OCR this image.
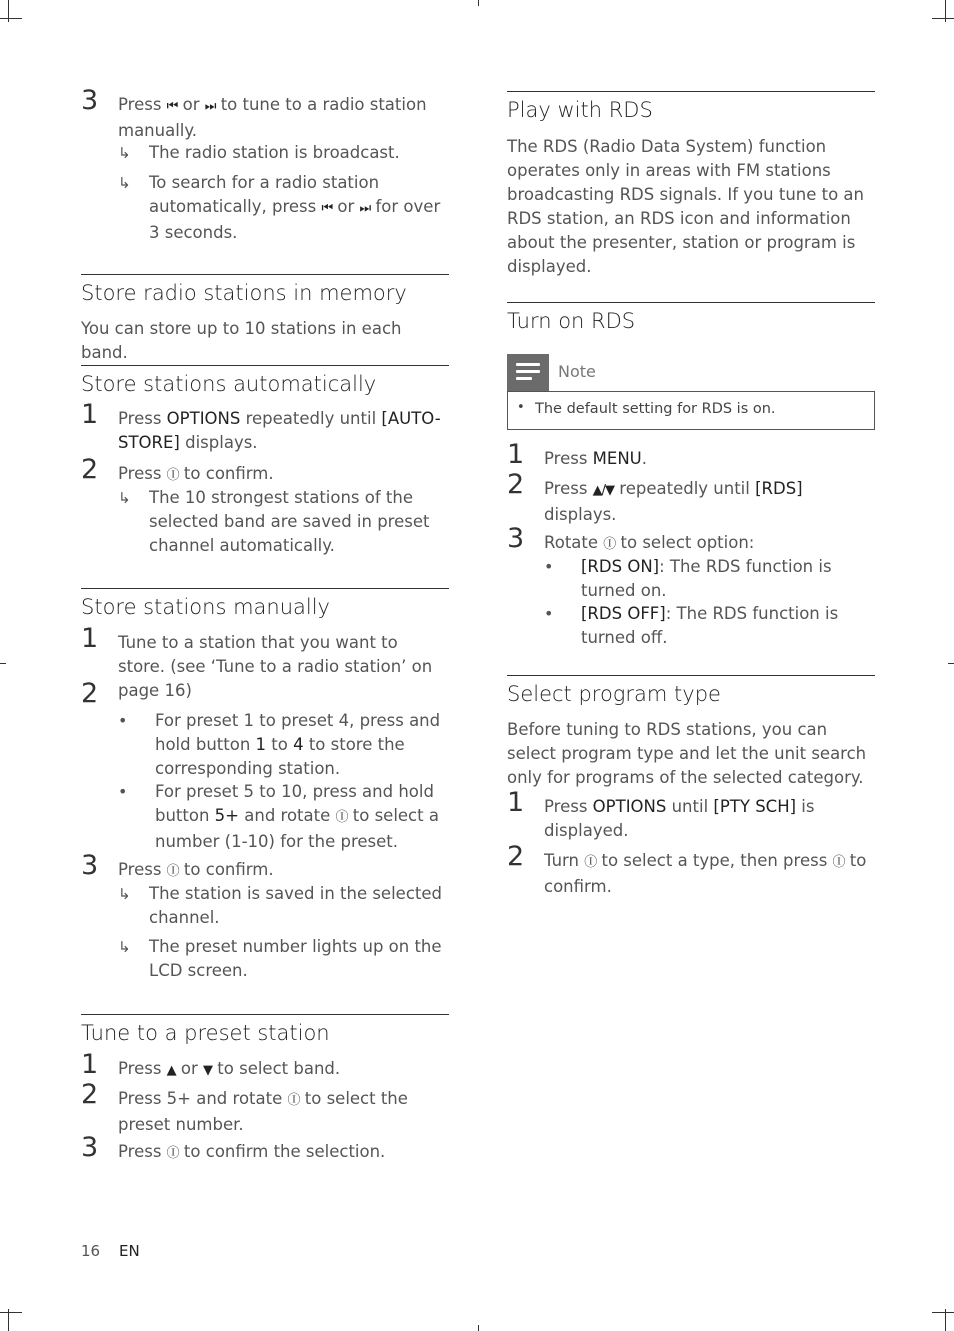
3 Press ⏮ or ⏭ to tune to a radio station manually.
↳ The radio station is broadcast.
↳ To search for a radio station automatically, press ⏮ or ⏭ for over 3 seconds.
Store radio stations in memory
You can store up to 10 stations in each band.
Store stations automatically
1 Press OPTIONS repeatedly until [AUTO-STORE] displays.
2 Press Ⓘ to confirm.
↳ The 10 strongest stations of the selected band are saved in preset channel automatically.
Store stations manually
1 Tune to a station that you want to store. (see ‘Tune to a radio station’ on page 16)
2
• For preset 1 to preset 4, press and hold button 1 to 4 to store the corresponding station.
• For preset 5 to 10, press and hold button 5+ and rotate Ⓘ to select a number (1-10) for the preset.
3 Press Ⓘ to confirm.
↳ The station is saved in the selected channel.
↳ The preset number lights up on the LCD screen.
Tune to a preset station
1 Press ▲ or ▼ to select band.
2 Press 5+ and rotate Ⓘ to select the preset number.
3 Press Ⓘ to confirm the selection.
Play with RDS
The RDS (Radio Data System) function operates only in areas with FM stations broadcasting RDS signals. If you tune to an RDS station, an RDS icon and information about the presenter, station or program is displayed.
Turn on RDS
Note
• The default setting for RDS is on.
1 Press MENU.
2 Press ▲/▼ repeatedly until [RDS] displays.
3 Rotate Ⓘ to select option:
• [RDS ON]: The RDS function is turned on.
• [RDS OFF]: The RDS function is turned off.
Select program type
Before tuning to RDS stations, you can select program type and let the unit search only for programs of the selected category.
1 Press OPTIONS until [PTY SCH] is displayed.
2 Turn Ⓘ to select a type, then press Ⓘ to confirm.
16 EN
